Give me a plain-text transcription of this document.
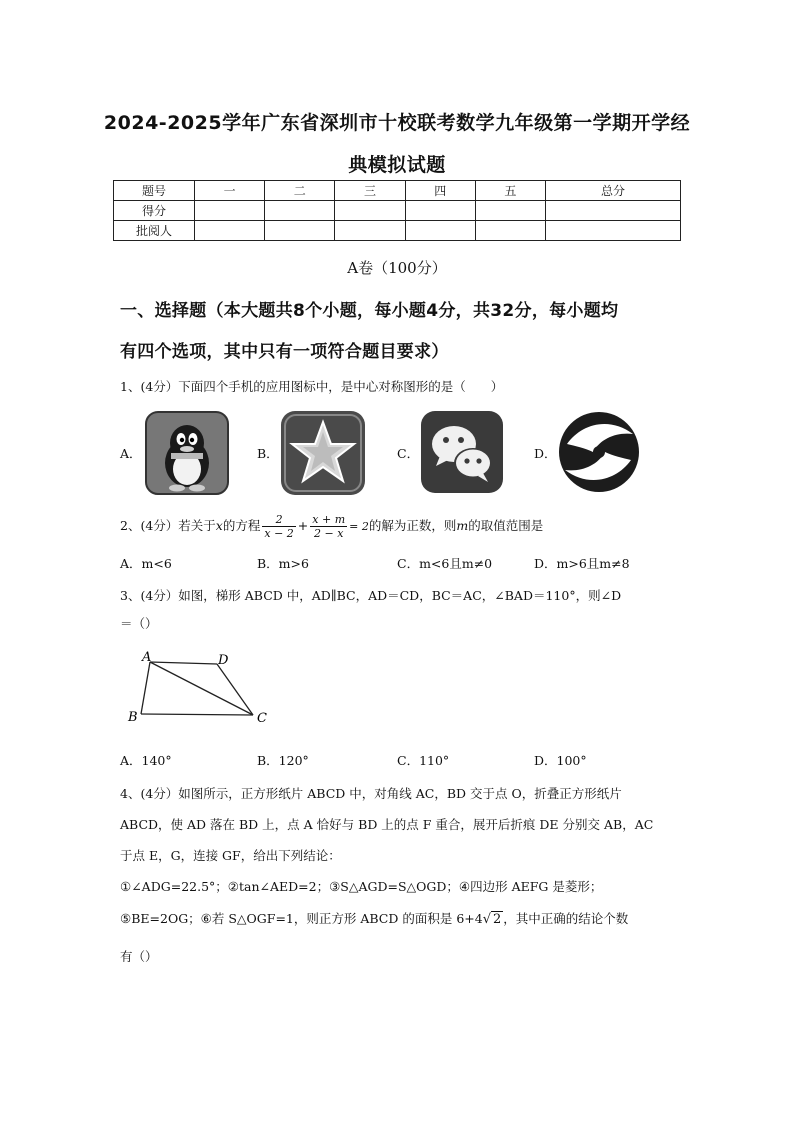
2024-2025学年广东省深圳市十校联考数学九年级第一学期开学经
典模拟试题
题号	一	二	三	四	五	总分
得分						
批阅人						
A卷（100分）
一、选择题（本大题共8个小题，每小题4分，共32分，每小题均
有四个选项，其中只有一项符合题目要求）
1、(4分）下面四个手机的应用图标中，是中心对称图形的是（　　）
A．	B．	C．	D．
2、(4分）若关于x的方程 $\frac{2}{x - 2} + \frac{x + m}{2 - x} = 2$的解为正数，则m的取值范围是
A．m<6	B．m>6	C．m<6且m≠0	D．m>6且m≠8
3、(4分）如图，梯形 ABCD 中，AD∥BC，AD＝CD，BC＝AC，∠BAD＝110°，则∠D
＝（）
A	D
B	C
A．140°	B．120°	C．110°	D．100°
4、(4分）如图所示，正方形纸片 ABCD 中，对角线 AC，BD 交于点 O，折叠正方形纸片
ABCD，使 AD 落在 BD 上，点 A 恰好与 BD 上的点 F 重合，展开后折痕 DE 分别交 AB，AC
于点 E，G，连接 GF，给出下列结论：
①∠ADG=22.5°；②tan∠AED=2；③S△AGD=S△OGD；④四边形 AEFG 是菱形；
⑤BE=2OG；⑥若 S△OGF=1，则正方形 ABCD 的面积是 6+4√ 2 ，其中正确的结论个数
有（）
